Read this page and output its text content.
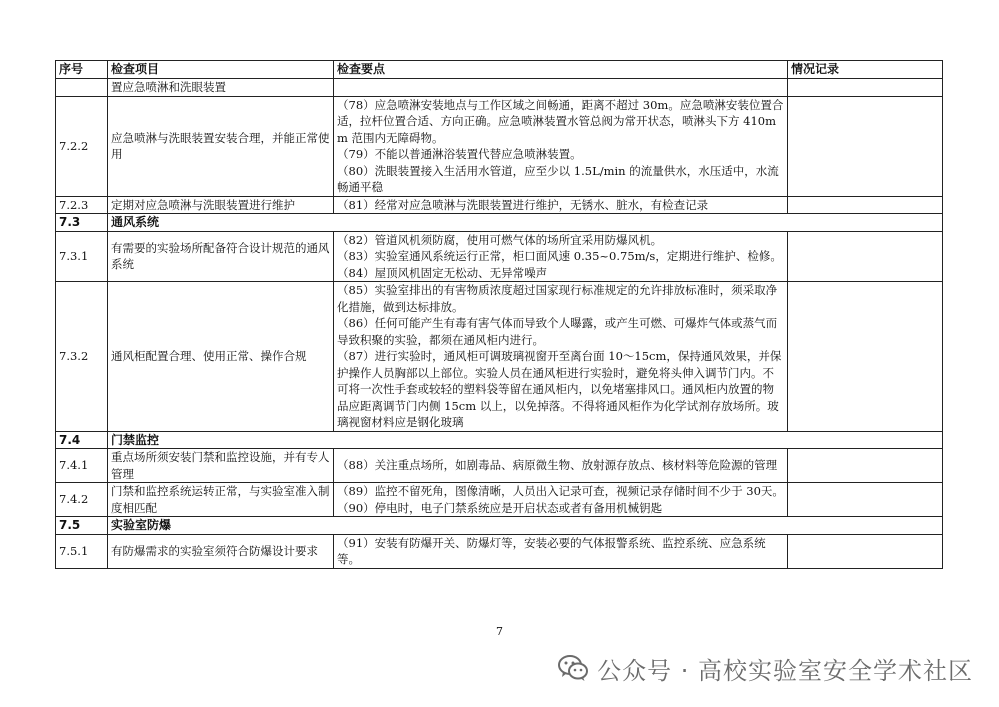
序号	检查项目	检查要点	情况记录
	置应急喷淋和洗眼装置		
7.2.2	应急喷淋与洗眼装置安装合理，并能正常使用	（78）应急喷淋安装地点与工作区域之间畅通，距离不超过 30m。应急喷淋安装位置合适，拉杆位置合适、方向正确。应急喷淋装置水管总阀为常开状态，喷淋头下方 410mm 范围内无障碍物。
（79）不能以普通淋浴装置代替应急喷淋装置。
（80）洗眼装置接入生活用水管道，应至少以 1.5L/min 的流量供水，水压适中，水流畅通平稳	

7.2.3	定期对应急喷淋与洗眼装置进行维护	（81）经常对应急喷淋与洗眼装置进行维护，无锈水、脏水，有检查记录	

7.3	通风系统		
7.3.1	有需要的实验场所配备符合设计规范的通风系统	（82）管道风机须防腐，使用可燃气体的场所宜采用防爆风机。
（83）实验室通风系统运行正常，柜口面风速 0.35~0.75m/s，定期进行维护、检修。
（84）屋顶风机固定无松动、无异常噪声	

7.3.2	通风柜配置合理、使用正常、操作合规	（85）实验室排出的有害物质浓度超过国家现行标准规定的允许排放标准时，须采取净化措施，做到达标排放。
（86）任何可能产生有毒有害气体而导致个人曝露，或产生可燃、可爆炸气体或蒸气而导致积聚的实验，都须在通风柜内进行。
（87）进行实验时，通风柜可调玻璃视窗开至离台面 10～15cm，保持通风效果，并保护操作人员胸部以上部位。实验人员在通风柜进行实验时，避免将头伸入调节门内。不可将一次性手套或较轻的塑料袋等留在通风柜内，以免堵塞排风口。通风柜内放置的物品应距离调节门内侧 15cm 以上，以免掉落。不得将通风柜作为化学试剂存放场所。玻璃视窗材料应是钢化玻璃	

7.4	门禁监控		
7.4.1	重点场所须安装门禁和监控设施，并有专人管理	（88）关注重点场所，如剧毒品、病原微生物、放射源存放点、核材料等危险源的管理	

7.4.2	门禁和监控系统运转正常，与实验室准入制度相匹配	（89）监控不留死角，图像清晰，人员出入记录可查，视频记录存储时间不少于 30天。
（90）停电时，电子门禁系统应是开启状态或者有备用机械钥匙	

7.5	实验室防爆		
7.5.1	有防爆需求的实验室须符合防爆设计要求	（91）安装有防爆开关、防爆灯等，安装必要的气体报警系统、监控系统、应急系统等。	

7
公众号 · 高校实验室安全学术社区
